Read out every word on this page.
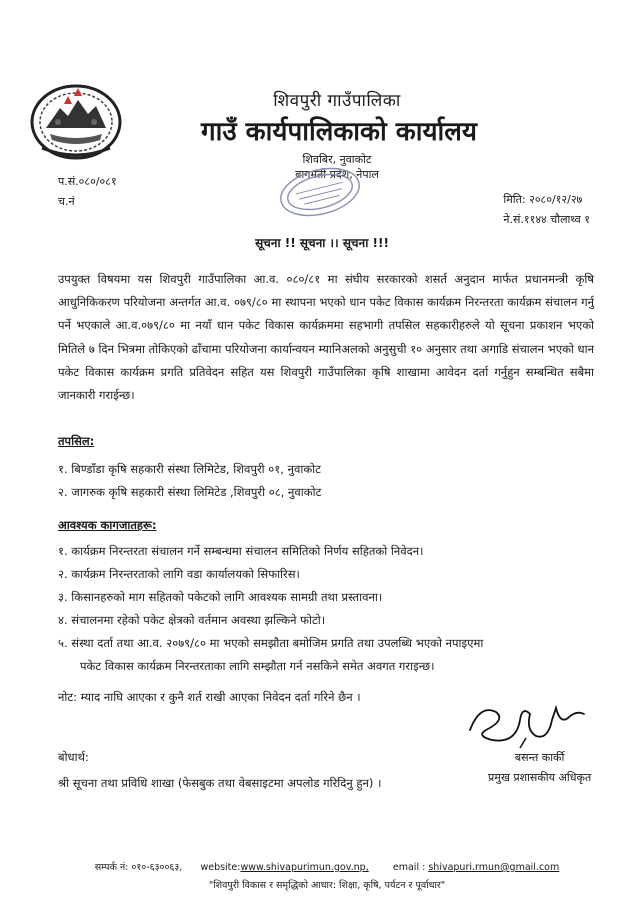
शिवपुरी गाउँपालिका
गाउँ कार्यपालिकाको कार्यालय
शिवबिर, नुवाकोट
बागमती प्रदेश, नेपाल
प.सं.०८०/०८१
च.नं	मिति: २०८०/१२/२७
ने.सं.११४४ चौलाथ्व १
सूचना !! सूचना ।। सूचना !!!
उपयुक्त विषयमा यस शिवपुरी गाउँपालिका आ.व. ०८०/८१ मा संघीय सरकारको शसर्त अनुदान मार्फत प्रधानमन्त्री कृषि आधुनिकिकरण परियोजना अन्तर्गत आ.व. ०७९/८० मा स्थापना भएको धान पकेट विकास कार्यक्रम निरन्तरता कार्यक्रम संचालन गर्नु पर्ने भएकाले आ.व.०७९/८० मा नयाँ धान पकेट विकास कार्यक्रममा सहभागी तपसिल सहकारीहरुले यो सूचना प्रकाशन भएको मितिले ७ दिन भित्रमा तोकिएको ढाँचामा परियोजना कार्यान्वयन म्यानिअलको अनुसुची १० अनुसार तथा अगाडि संचालन भएको धान पकेट विकास कार्यक्रम प्रगति प्रतिवेदन सहित यस शिवपुरी गाउँपालिका कृषि शाखामा आवेदन दर्ता गर्नुहुन सम्बन्धित सबैमा जानकारी गराईन्छ।
तपसिल:
१. बिण्डाँडा कृषि सहकारी संस्था लिमिटेड, शिवपुरी ०१, नुवाकोट
२. जागरुक कृषि सहकारी संस्था लिमिटेड ,शिवपुरी ०८, नुवाकोट
आवश्यक कागजातहरू:
१. कार्यक्रम निरन्तरता संचालन गर्ने सम्बन्धमा संचालन समितिको निर्णय सहितको निवेदन।
२. कार्यक्रम निरन्तरताको लागि वडा कार्यालयको सिफारिस।
३. किसानहरुको माग सहितको पकेटको लागि आवश्यक सामग्री तथा प्रस्तावना।
४. संचालनमा रहेको पकेट क्षेत्रको वर्तमान अवस्था झल्किने फोटो।
५. संस्था दर्ता तथा आ.व. २०७९/८० मा भएको समझौता बमोजिम प्रगति तथा उपलब्धि भएको नपाइएमा
पकेट विकास कार्यक्रम निरन्तरताका लागि सम्झौता गर्न नसकिने समेत अवगत गराइन्छ।
नोट: म्याद नाघि आएका र कुनै शर्त राखी आएका निवेदन दर्ता गरिने छैन ।
बसन्त कार्की
प्रमुख प्रशासकीय अधिकृत
बोधार्थ:
श्री सूचना तथा प्रविधि शाखा (फेसबुक तथा वेबसाइटमा अपलोड गरिदिनु हुन) ।
सम्पर्क नं: ०१०-६३००६३, website:www.shivapurimun.gov.np,	email : shivapuri.rmun@gmail.com
"शिवपुरी विकास र समृद्धिको आधार: शिक्षा, कृषि, पर्यटन र पूर्वाधार"
